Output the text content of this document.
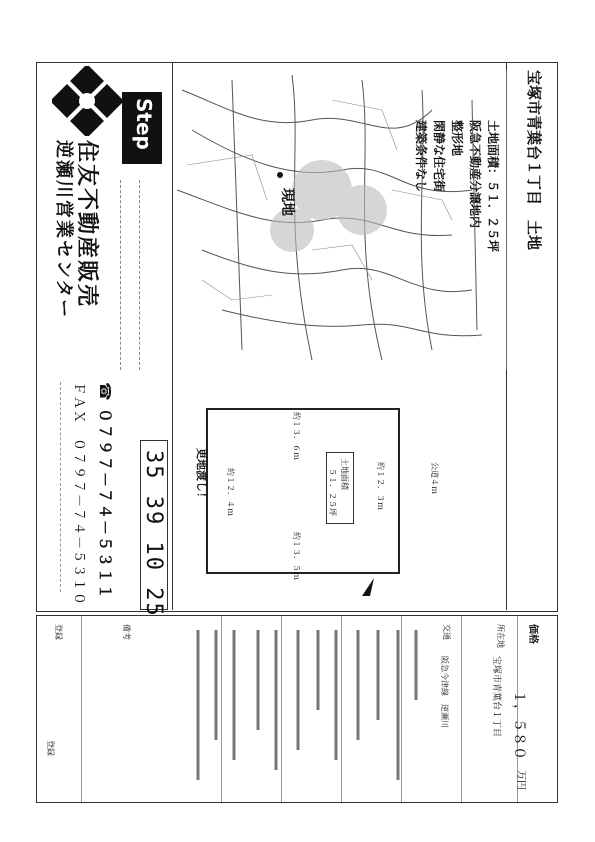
宝塚市青葉台１丁目　土地
土地面積：５１．２５坪
阪急不動産分譲地内
整形地
閑静な住宅街
建築条件なし
現地
土地面積
５１．２５坪	約１２．３ｍ
約１３．６ｍ
約１３．５ｍ
約１２．４ｍ	公道４ｍ
更地渡し！
住友不動産販売
逆瀬川営業センター
Step
☎ ０７９７－７４－５３１１
ＦＡＸ　０７９７－７４－５３１０	35 39 10 25
価格
１，５８０
万円
所在地
宝塚市青葉台１丁目
交通
阪急今津線　逆瀬川
備考
登録
登録
